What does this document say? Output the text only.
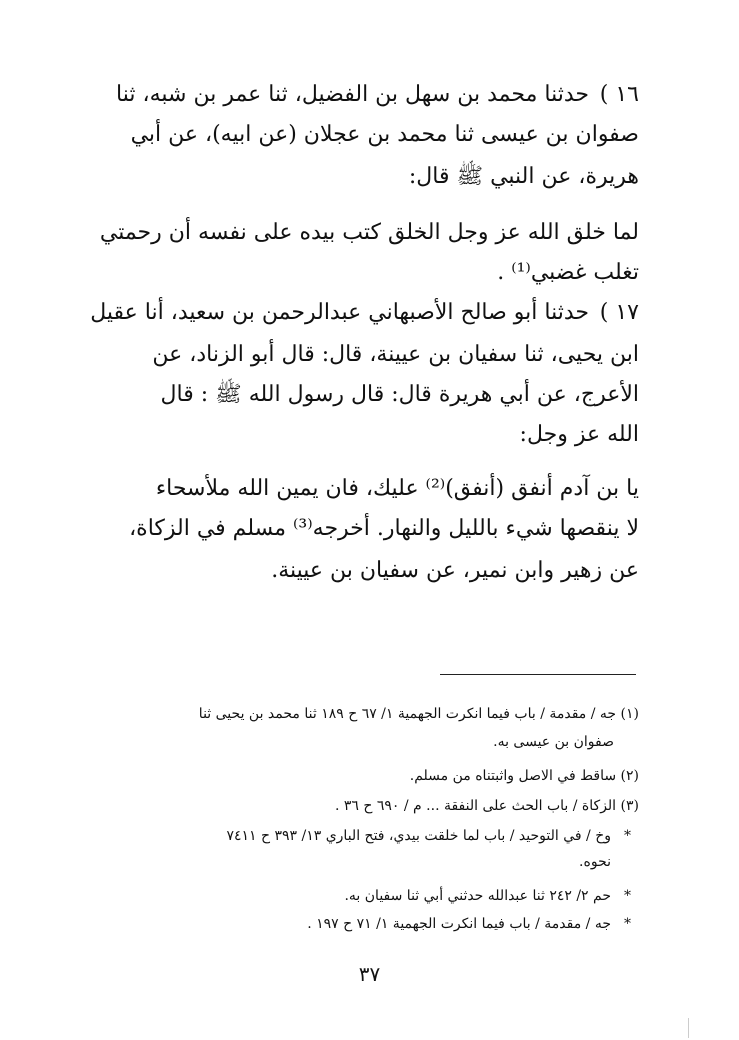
١٦ )
حدثنا محمد بن سهل بن الفضيل، ثنا عمر بن شبه، ثنا
صفوان بن عيسى ثنا محمد بن عجلان (عن ابيه)، عن أبي
هريرة، عن النبي ﷺ قال:
لما خلق الله عز وجل الخلق كتب بيده على نفسه أن رحمتي
تغلب غضبي⁽¹⁾ .
١٧ )
حدثنا أبو صالح الأصبهاني عبدالرحمن بن سعيد، أنا عقيل
ابن يحيى، ثنا سفيان بن عيينة، قال: قال أبو الزناد، عن
الأعرج، عن أبي هريرة قال: قال رسول الله ﷺ : قال
الله عز وجل:
يا بن آدم أنفق (أنفق)⁽²⁾ عليك، فان يمين الله ملأسحاء
لا ينقصها شيء بالليل والنهار. أخرجه⁽³⁾ مسلم في الزكاة،
عن زهير وابن نمير، عن سفيان بن عيينة.
(١) جه / مقدمة / باب فيما انكرت الجهمية ١/ ٦٧ ح ١٨٩ ثنا محمد بن يحيى ثنا
صفوان بن عيسى به.
(٢) ساقط في الاصل واثبتناه من مسلم.
(٣) الزكاة / باب الحث على النفقة ... م / ٦٩٠ ح ٣٦ .
*
وخ / في التوحيد / باب لما خلقت بيدي، فتح الباري ١٣/ ٣٩٣ ح ٧٤١١
نحوه.
*
حم ٢/ ٢٤٢ ثنا عبدالله حدثني أبي ثنا سفيان به.
*
جه / مقدمة / باب فيما انكرت الجهمية ١/ ٧١ ح ١٩٧ .
٣٧
